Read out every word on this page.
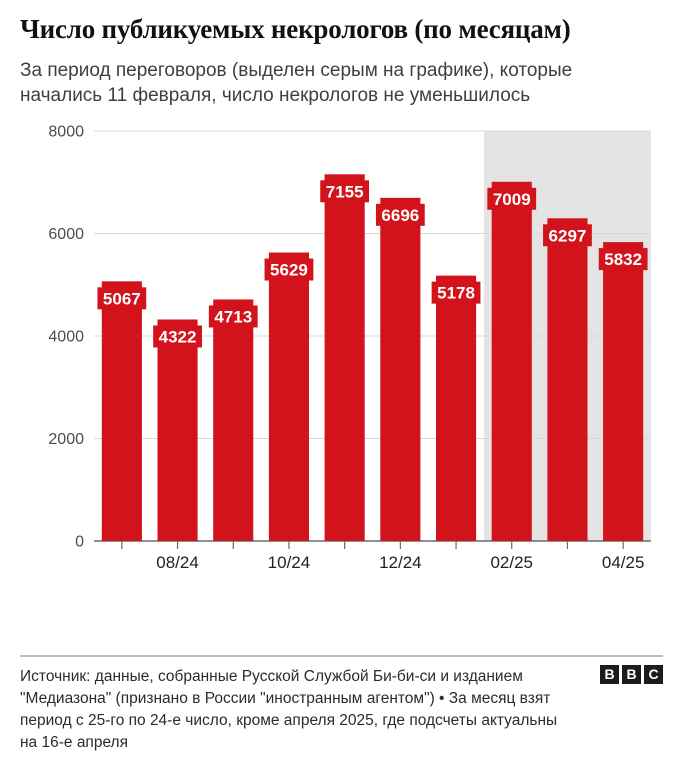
Число публикуемых некрологов (по месяцам)
За период переговоров (выделен серым на графике), которые начались 11 февраля, число некрологов не уменьшилось
0
2000
4000
6000
8000
5067
4322
4713
5629
7155
6696
5178
7009
6297
5832
08/24	10/24	12/24	02/25	04/25
Источник: данные, собранные Русской Службой Би-би-си и изданием "Медиазона" (признано в России "иностранным агентом") • За месяц взят период с 25-го по 24-е число, кроме апреля 2025, где подсчеты актуальны на 16-е апреля
B B C
